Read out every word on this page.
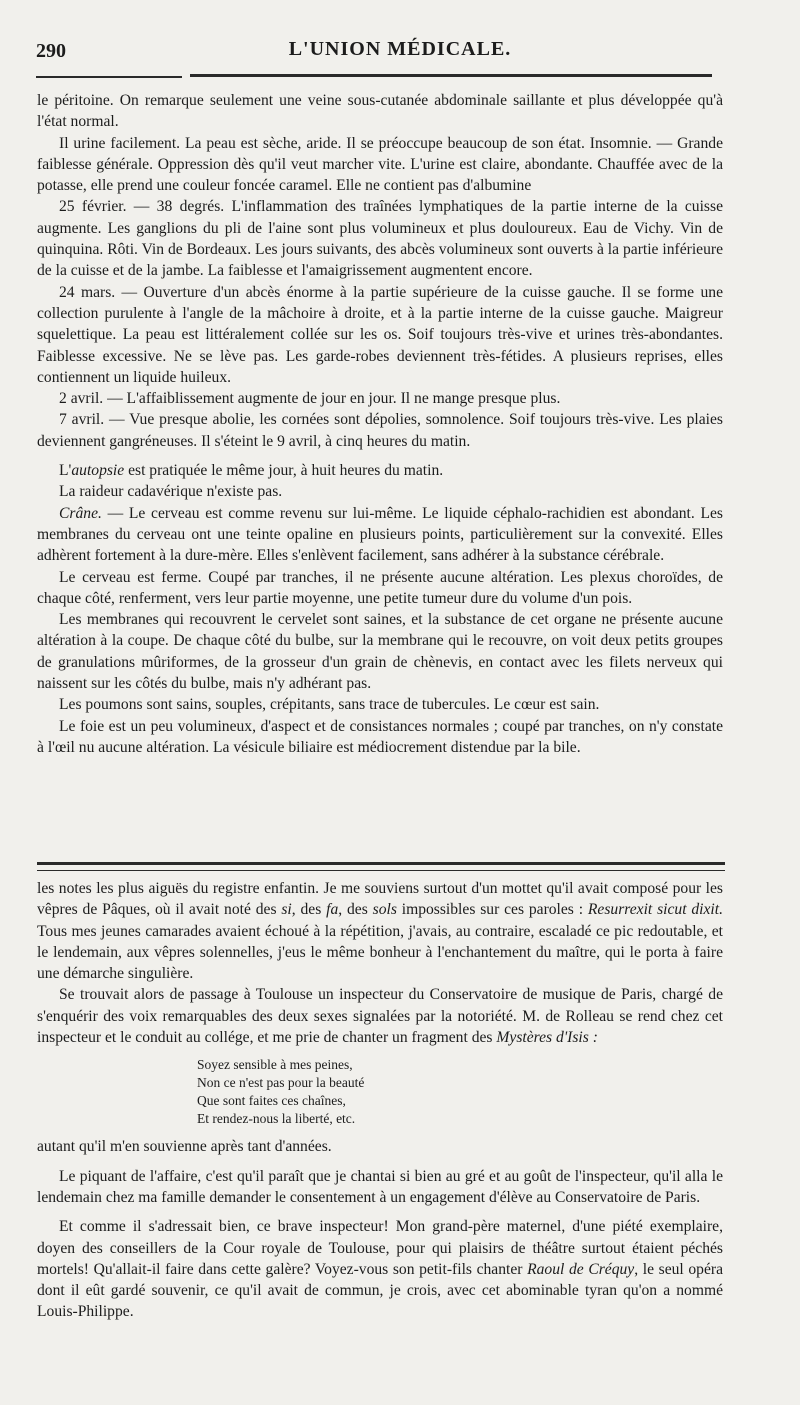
290	L'UNION MÉDICALE.

le péritoine. On remarque seulement une veine sous-cutanée abdominale saillante et plus développée qu'à l'état normal.

Il urine facilement. La peau est sèche, aride. Il se préoccupe beaucoup de son état. Insomnie. — Grande faiblesse générale. Oppression dès qu'il veut marcher vite. L'urine est claire, abondante. Chauffée avec de la potasse, elle prend une couleur foncée caramel. Elle ne contient pas d'albumine

25 février. — 38 degrés. L'inflammation des traînées lymphatiques de la partie interne de la cuisse augmente. Les ganglions du pli de l'aine sont plus volumineux et plus douloureux. Eau de Vichy. Vin de quinquina. Rôti. Vin de Bordeaux. Les jours suivants, des abcès volumineux sont ouverts à la partie inférieure de la cuisse et de la jambe. La faiblesse et l'amaigrissement augmentent encore.

24 mars. — Ouverture d'un abcès énorme à la partie supérieure de la cuisse gauche. Il se forme une collection purulente à l'angle de la mâchoire à droite, et à la partie interne de la cuisse gauche. Maigreur squelettique. La peau est littéralement collée sur les os. Soif toujours très-vive et urines très-abondantes. Faiblesse excessive. Ne se lève pas. Les garde-robes deviennent très-fétides. A plusieurs reprises, elles contiennent un liquide huileux.

2 avril. — L'affaiblissement augmente de jour en jour. Il ne mange presque plus.

7 avril. — Vue presque abolie, les cornées sont dépolies, somnolence. Soif toujours très-vive. Les plaies deviennent gangréneuses. Il s'éteint le 9 avril, à cinq heures du matin.

L'autopsie est pratiquée le même jour, à huit heures du matin.

La raideur cadavérique n'existe pas.

Crâne. — Le cerveau est comme revenu sur lui-même. Le liquide céphalo-rachidien est abondant. Les membranes du cerveau ont une teinte opaline en plusieurs points, particulièrement sur la convexité. Elles adhèrent fortement à la dure-mère. Elles s'enlèvent facilement, sans adhérer à la substance cérébrale.

Le cerveau est ferme. Coupé par tranches, il ne présente aucune altération. Les plexus choroïdes, de chaque côté, renferment, vers leur partie moyenne, une petite tumeur dure du volume d'un pois.

Les membranes qui recouvrent le cervelet sont saines, et la substance de cet organe ne présente aucune altération à la coupe. De chaque côté du bulbe, sur la membrane qui le recouvre, on voit deux petits groupes de granulations mûriformes, de la grosseur d'un grain de chènevis, en contact avec les filets nerveux qui naissent sur les côtés du bulbe, mais n'y adhérant pas.

Les poumons sont sains, souples, crépitants, sans trace de tubercules. Le cœur est sain.

Le foie est un peu volumineux, d'aspect et de consistances normales ; coupé par tranches, on n'y constate à l'œil nu aucune altération. La vésicule biliaire est médiocrement distendue par la bile.

les notes les plus aiguës du registre enfantin. Je me souviens surtout d'un mottet qu'il avait composé pour les vêpres de Pâques, où il avait noté des si, des fa, des sols impossibles sur ces paroles : Resurrexit sicut dixit. Tous mes jeunes camarades avaient échoué à la répétition, j'avais, au contraire, escaladé ce pic redoutable, et le lendemain, aux vêpres solennelles, j'eus le même bonheur à l'enchantement du maître, qui le porta à faire une démarche singulière.

Se trouvait alors de passage à Toulouse un inspecteur du Conservatoire de musique de Paris, chargé de s'enquérir des voix remarquables des deux sexes signalées par la notoriété. M. de Rolleau se rend chez cet inspecteur et le conduit au collége, et me prie de chanter un fragment des Mystères d'Isis :

Soyez sensible à mes peines,
Non ce n'est pas pour la beauté
Que sont faites ces chaînes,
Et rendez-nous la liberté, etc.

autant qu'il m'en souvienne après tant d'années.

Le piquant de l'affaire, c'est qu'il paraît que je chantai si bien au gré et au goût de l'inspecteur, qu'il alla le lendemain chez ma famille demander le consentement à un engagement d'élève au Conservatoire de Paris.

Et comme il s'adressait bien, ce brave inspecteur! Mon grand-père maternel, d'une piété exemplaire, doyen des conseillers de la Cour royale de Toulouse, pour qui plaisirs de théâtre surtout étaient péchés mortels! Qu'allait-il faire dans cette galère? Voyez-vous son petit-fils chanter Raoul de Créquy, le seul opéra dont il eût gardé souvenir, ce qu'il avait de commun, je crois, avec cet abominable tyran qu'on a nommé Louis-Philippe.
